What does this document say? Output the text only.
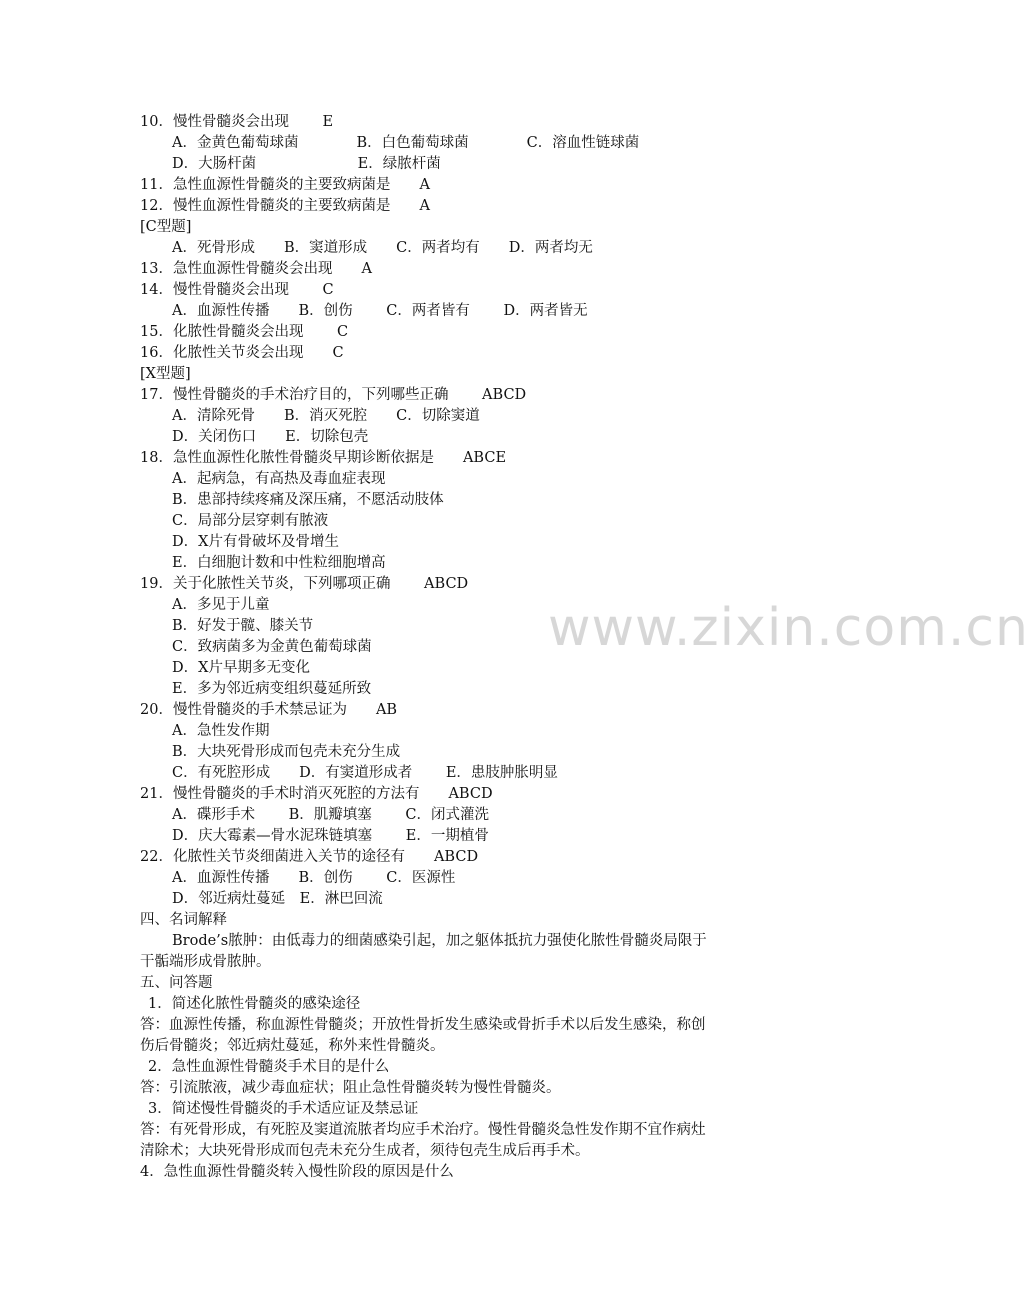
www.zixin.com.cn
10．慢性骨髓炎会出现　　 E
A．金黄色葡萄球菌　　　　B．白色葡萄球菌　　　　C．溶血性链球菌
D．大肠杆菌　　　　　　　E．绿脓杆菌
11．急性血源性骨髓炎的主要致病菌是　　A
12．慢性血源性骨髓炎的主要致病菌是　　A
[C型题]
A．死骨形成　　B．窦道形成　　C．两者均有　　D．两者均无
13．急性血源性骨髓炎会出现　　A
14．慢性骨髓炎会出现　　 C
A．血源性传播　　B．创伤　　 C．两者皆有　　 D．两者皆无
15．化脓性骨髓炎会出现　　 C
16．化脓性关节炎会出现　　C
[X型题]
17．慢性骨髓炎的手术治疗目的，下列哪些正确　　 ABCD
A．清除死骨　　B．消灭死腔　　C．切除窦道
D．关闭伤口　　E．切除包壳
18．急性血源性化脓性骨髓炎早期诊断依据是　　ABCE
A．起病急，有高热及毒血症表现
B．患部持续疼痛及深压痛，不愿活动肢体
C．局部分层穿刺有脓液
D．X片有骨破坏及骨增生
E．白细胞计数和中性粒细胞增高
19．关于化脓性关节炎，下列哪项正确　　 ABCD
A．多见于儿童
B．好发于髋、膝关节
C．致病菌多为金黄色葡萄球菌
D．X片早期多无变化
E．多为邻近病变组织蔓延所致
20．慢性骨髓炎的手术禁忌证为　　AB
A．急性发作期
B．大块死骨形成而包壳未充分生成
C．有死腔形成　　D．有窦道形成者　　 E．患肢肿胀明显
21．慢性骨髓炎的手术时消灭死腔的方法有　　ABCD
A．碟形手术　　 B．肌瓣填塞　　 C．闭式灌洗
D．庆大霉素—骨水泥珠链填塞　　 E．一期植骨
22．化脓性关节炎细菌进入关节的途径有　　ABCD
A．血源性传播　　B．创伤　　 C．医源性
D．邻近病灶蔓延　E．淋巴回流
四、名词解释
Brode’s脓肿：由低毒力的细菌感染引起，加之躯体抵抗力强使化脓性骨髓炎局限于
干骺端形成骨脓肿。
五、问答题
1．简述化脓性骨髓炎的感染途径
答：血源性传播，称血源性骨髓炎；开放性骨折发生感染或骨折手术以后发生感染，称创
伤后骨髓炎；邻近病灶蔓延，称外来性骨髓炎。
2．急性血源性骨髓炎手术目的是什么
答：引流脓液，减少毒血症状；阻止急性骨髓炎转为慢性骨髓炎。
3．简述慢性骨髓炎的手术适应证及禁忌证
答：有死骨形成，有死腔及窦道流脓者均应手术治疗。慢性骨髓炎急性发作期不宜作病灶
清除术；大块死骨形成而包壳未充分生成者，须待包壳生成后再手术。
4．急性血源性骨髓炎转入慢性阶段的原因是什么
